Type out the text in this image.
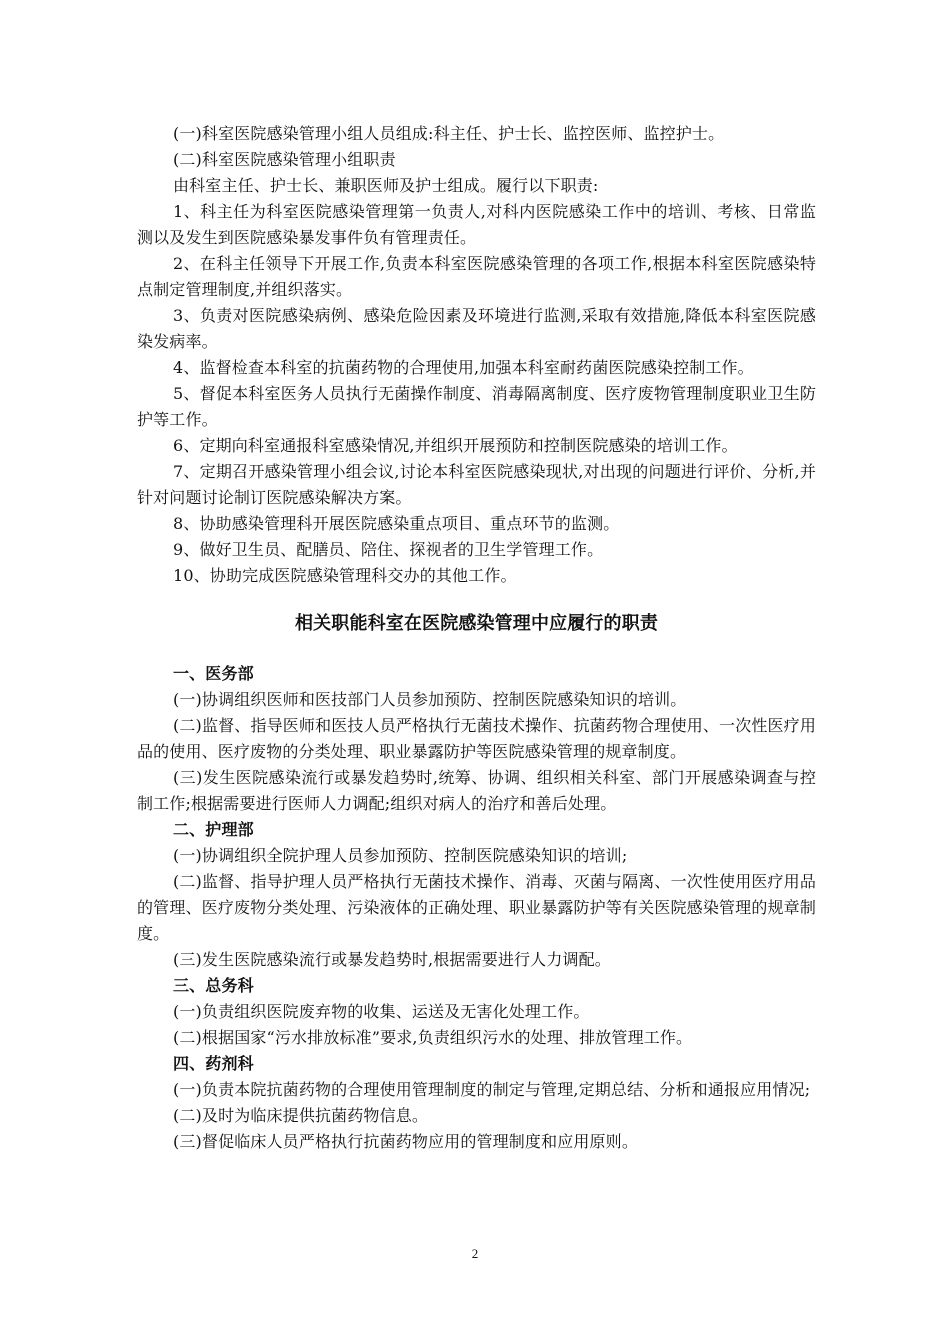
(一)科室医院感染管理小组人员组成:科主任、护士长、监控医师、监控护士。

(二)科室医院感染管理小组职责

由科室主任、护士长、兼职医师及护士组成。履行以下职责:

1、科主任为科室医院感染管理第一负责人,对科内医院感染工作中的培训、考核、日常监测以及发生到医院感染暴发事件负有管理责任。

2、在科主任领导下开展工作,负责本科室医院感染管理的各项工作,根据本科室医院感染特点制定管理制度,并组织落实。

3、负责对医院感染病例、感染危险因素及环境进行监测,采取有效措施,降低本科室医院感染发病率。

4、监督检查本科室的抗菌药物的合理使用,加强本科室耐药菌医院感染控制工作。

5、督促本科室医务人员执行无菌操作制度、消毒隔离制度、医疗废物管理制度职业卫生防护等工作。

6、定期向科室通报科室感染情况,并组织开展预防和控制医院感染的培训工作。

7、定期召开感染管理小组会议,讨论本科室医院感染现状,对出现的问题进行评价、分析,并针对问题讨论制订医院感染解决方案。

8、协助感染管理科开展医院感染重点项目、重点环节的监测。

9、做好卫生员、配膳员、陪住、探视者的卫生学管理工作。

10、协助完成医院感染管理科交办的其他工作。

相关职能科室在医院感染管理中应履行的职责

一、医务部

(一)协调组织医师和医技部门人员参加预防、控制医院感染知识的培训。

(二)监督、指导医师和医技人员严格执行无菌技术操作、抗菌药物合理使用、一次性医疗用品的使用、医疗废物的分类处理、职业暴露防护等医院感染管理的规章制度。

(三)发生医院感染流行或暴发趋势时,统筹、协调、组织相关科室、部门开展感染调查与控制工作;根据需要进行医师人力调配;组织对病人的治疗和善后处理。

二、护理部

(一)协调组织全院护理人员参加预防、控制医院感染知识的培训;

(二)监督、指导护理人员严格执行无菌技术操作、消毒、灭菌与隔离、一次性使用医疗用品的管理、医疗废物分类处理、污染液体的正确处理、职业暴露防护等有关医院感染管理的规章制度。

(三)发生医院感染流行或暴发趋势时,根据需要进行人力调配。

三、总务科

(一)负责组织医院废弃物的收集、运送及无害化处理工作。

(二)根据国家“污水排放标准”要求,负责组织污水的处理、排放管理工作。

四、药剂科

(一)负责本院抗菌药物的合理使用管理制度的制定与管理,定期总结、分析和通报应用情况;

(二)及时为临床提供抗菌药物信息。

(三)督促临床人员严格执行抗菌药物应用的管理制度和应用原则。

2
